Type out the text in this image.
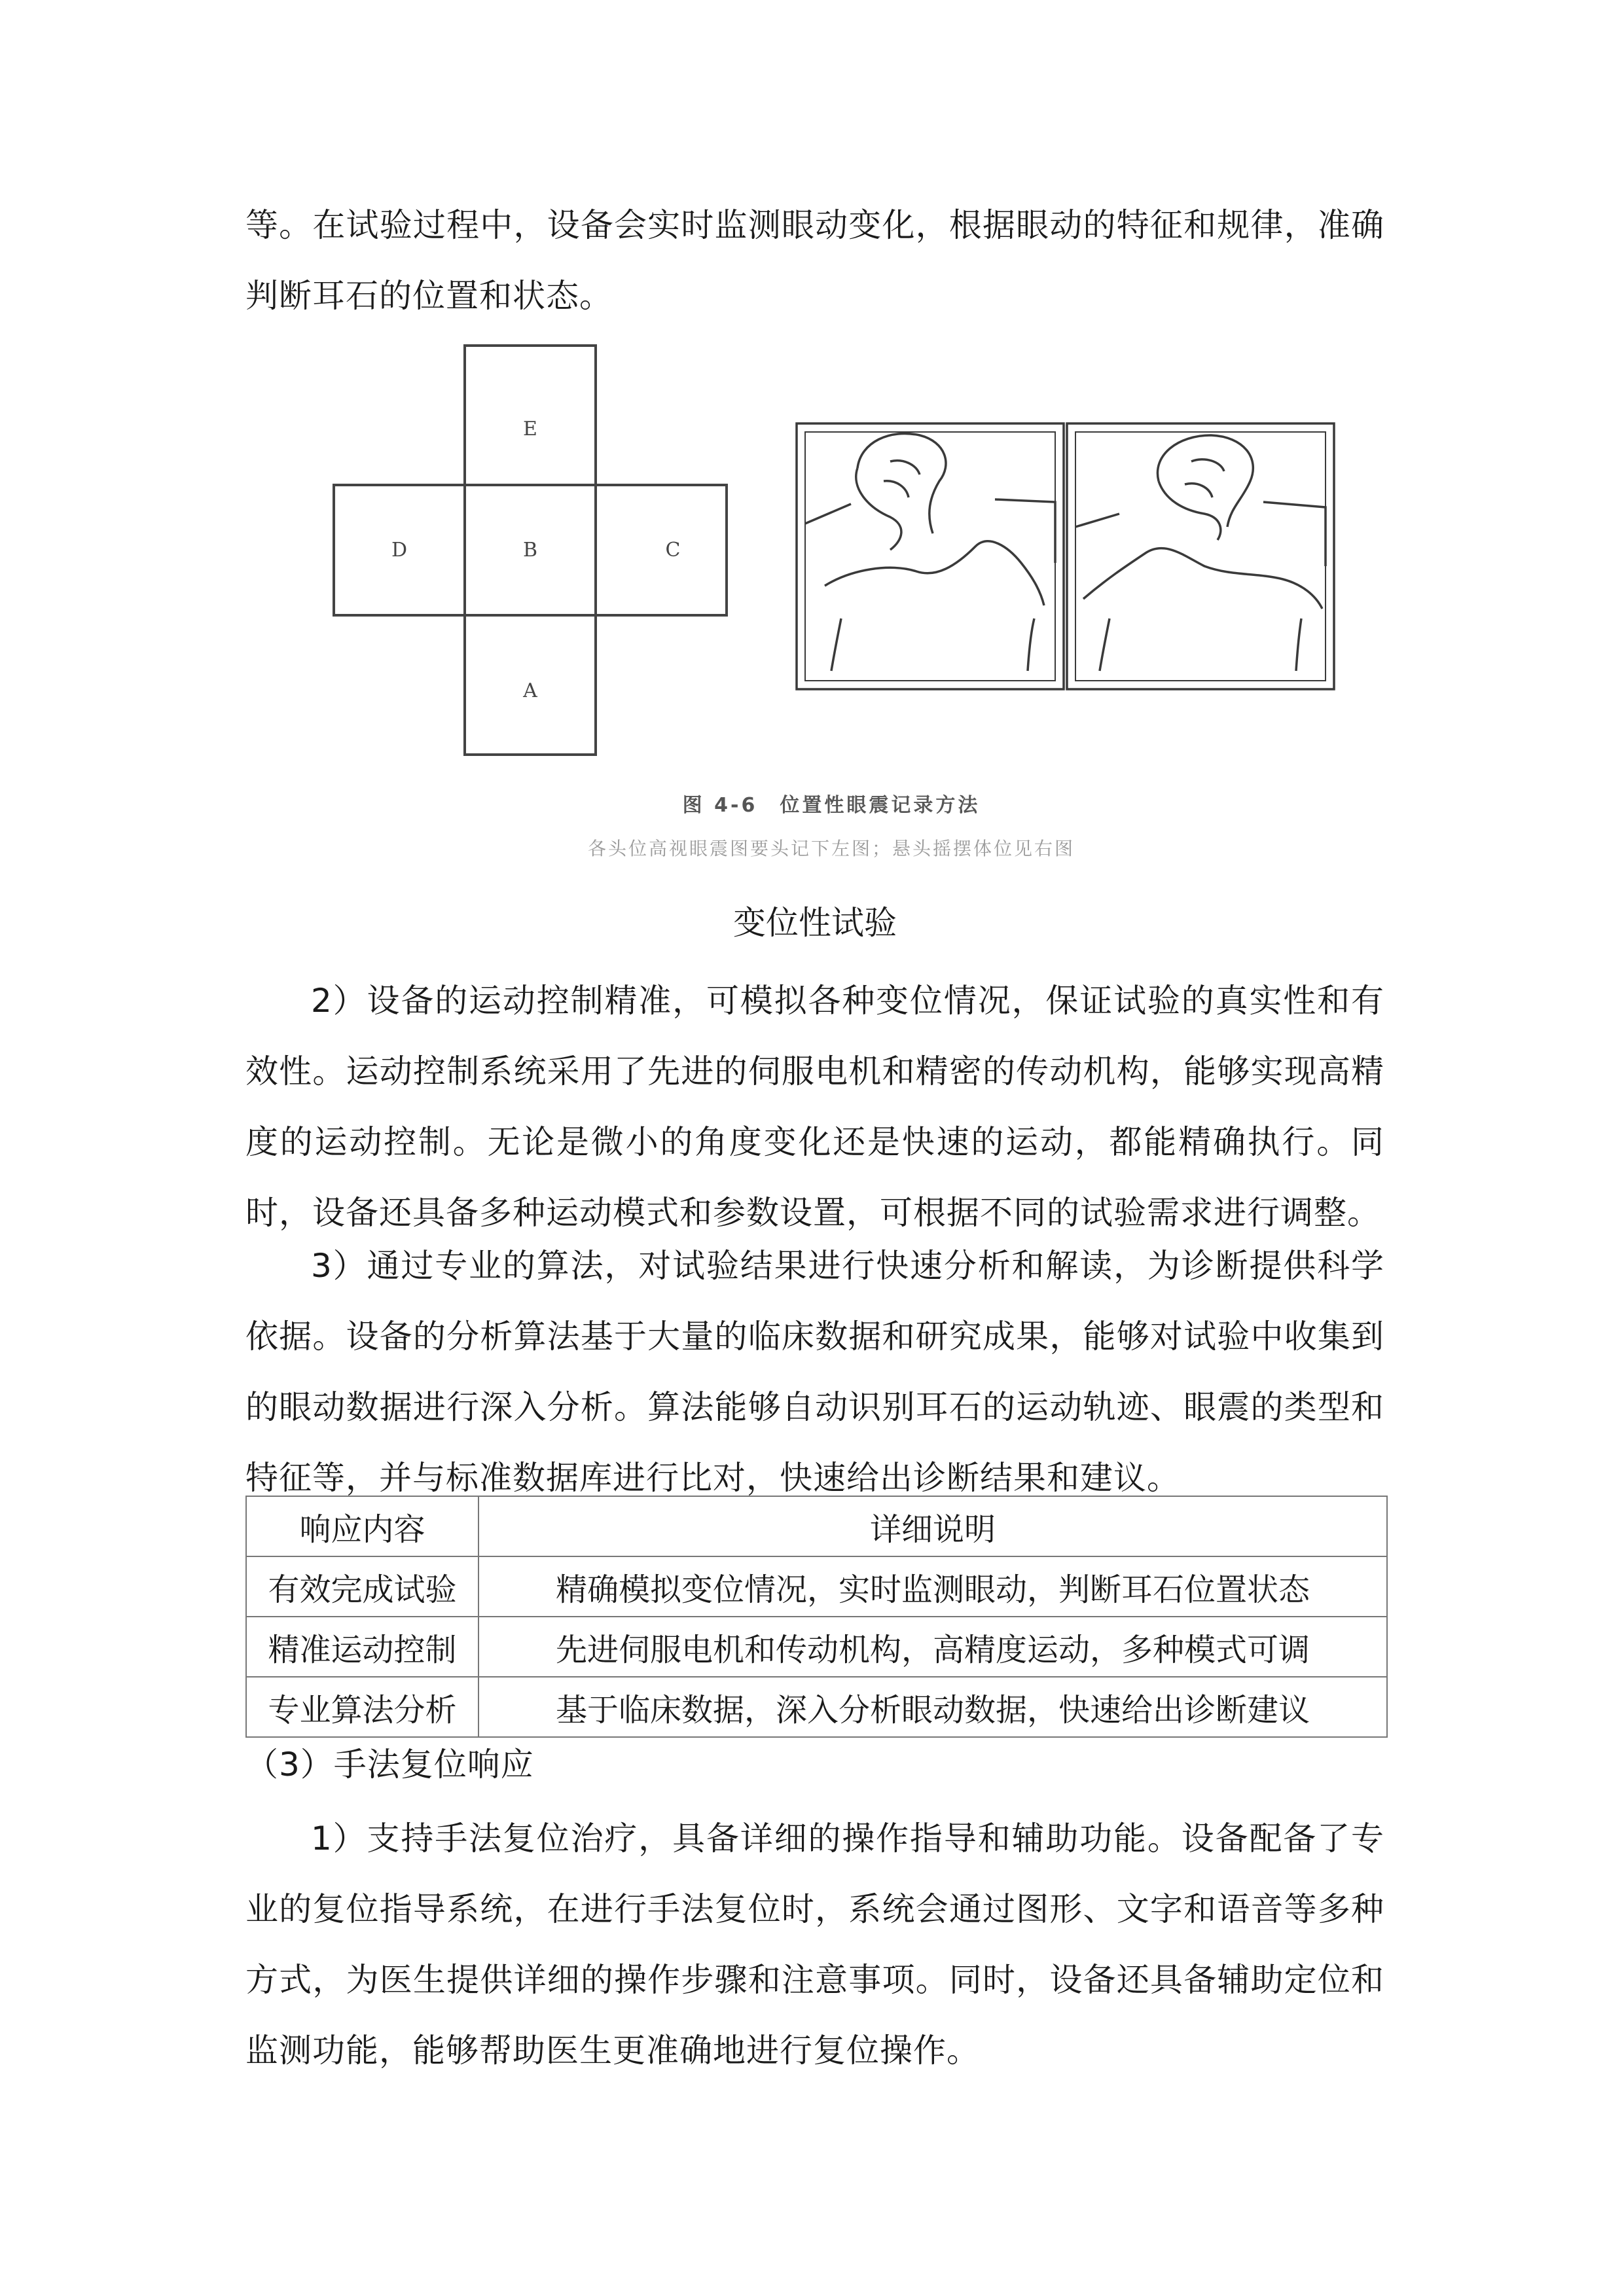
等。在试验过程中，设备会实时监测眼动变化，根据眼动的特征和规律，准确判断耳石的位置和状态。

E
D	B	C
A
图 4-6　位置性眼震记录方法
各头位高视眼震图要头记下左图；悬头摇摆体位见右图

变位性试验

2）设备的运动控制精准，可模拟各种变位情况，保证试验的真实性和有效性。运动控制系统采用了先进的伺服电机和精密的传动机构，能够实现高精度的运动控制。无论是微小的角度变化还是快速的运动，都能精确执行。同时，设备还具备多种运动模式和参数设置，可根据不同的试验需求进行调整。

3）通过专业的算法，对试验结果进行快速分析和解读，为诊断提供科学依据。设备的分析算法基于大量的临床数据和研究成果，能够对试验中收集到的眼动数据进行深入分析。算法能够自动识别耳石的运动轨迹、眼震的类型和特征等，并与标准数据库进行比对，快速给出诊断结果和建议。

响应内容	详细说明
有效完成试验	精确模拟变位情况，实时监测眼动，判断耳石位置状态
精准运动控制	先进伺服电机和传动机构，高精度运动，多种模式可调
专业算法分析	基于临床数据，深入分析眼动数据，快速给出诊断建议

（3）手法复位响应

1）支持手法复位治疗，具备详细的操作指导和辅助功能。设备配备了专业的复位指导系统，在进行手法复位时，系统会通过图形、文字和语音等多种方式，为医生提供详细的操作步骤和注意事项。同时，设备还具备辅助定位和监测功能，能够帮助医生更准确地进行复位操作。
